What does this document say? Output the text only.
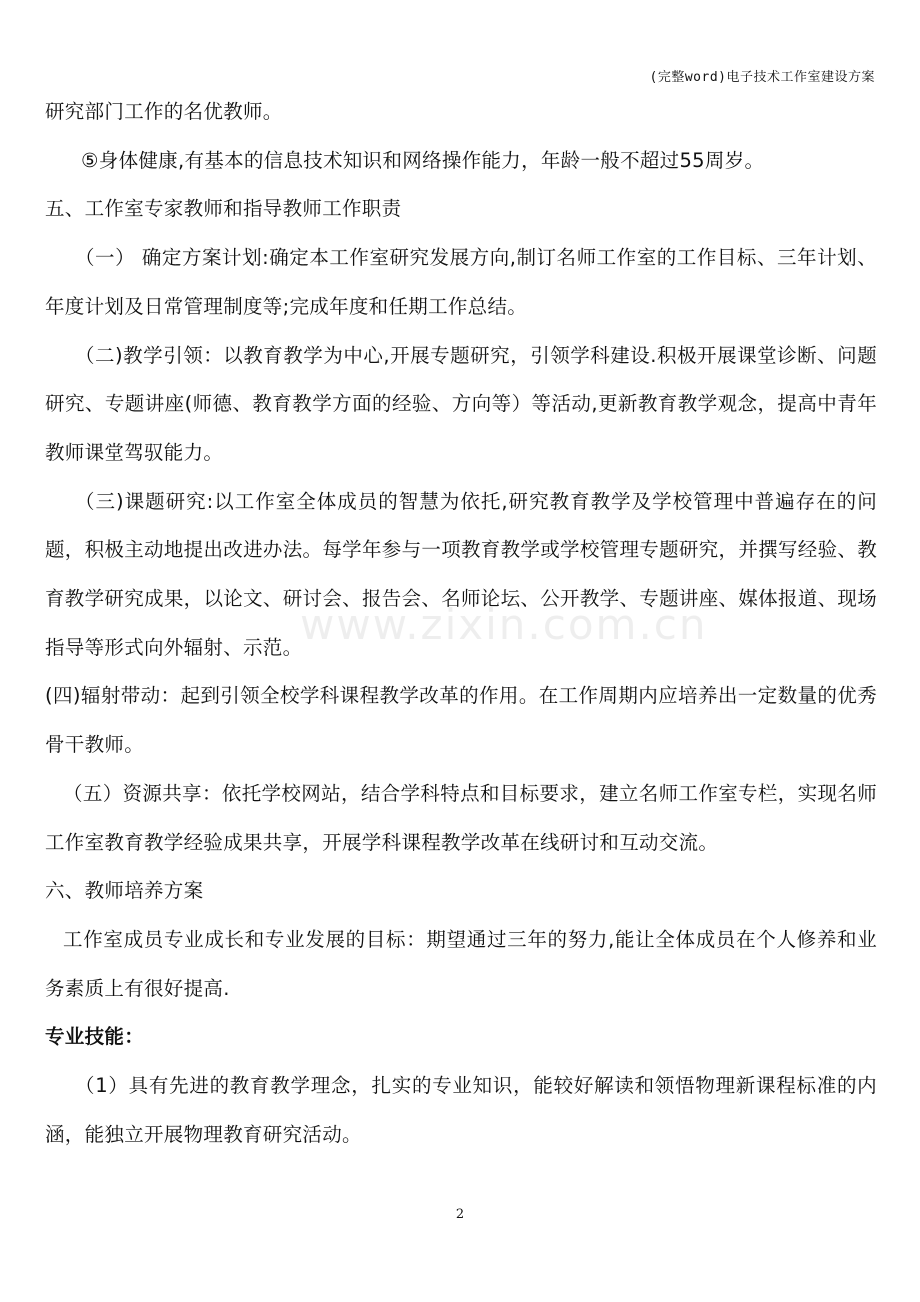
(完整word)电子技术工作室建设方案
www.zixin.com.cn

研究部门工作的名优教师。

⑤身体健康,有基本的信息技术知识和网络操作能力，年龄一般不超过55周岁。

五、工作室专家教师和指导教师工作职责

（一） 确定方案计划:确定本工作室研究发展方向,制订名师工作室的工作目标、三年计划、年度计划及日常管理制度等;完成年度和任期工作总结。

（二)教学引领：以教育教学为中心,开展专题研究，引领学科建设.积极开展课堂诊断、问题研究、专题讲座(师德、教育教学方面的经验、方向等）等活动,更新教育教学观念，提高中青年教师课堂驾驭能力。

（三)课题研究:以工作室全体成员的智慧为依托,研究教育教学及学校管理中普遍存在的问题，积极主动地提出改进办法。每学年参与一项教育教学或学校管理专题研究，并撰写经验、教育教学研究成果，以论文、研讨会、报告会、名师论坛、公开教学、专题讲座、媒体报道、现场指导等形式向外辐射、示范。

(四)辐射带动：起到引领全校学科课程教学改革的作用。在工作周期内应培养出一定数量的优秀骨干教师。

（五）资源共享：依托学校网站，结合学科特点和目标要求，建立名师工作室专栏，实现名师工作室教育教学经验成果共享，开展学科课程教学改革在线研讨和互动交流。

六、教师培养方案

工作室成员专业成长和专业发展的目标：期望通过三年的努力,能让全体成员在个人修养和业务素质上有很好提高.

专业技能：

（1）具有先进的教育教学理念，扎实的专业知识，能较好解读和领悟物理新课程标准的内涵，能独立开展物理教育研究活动。

2
